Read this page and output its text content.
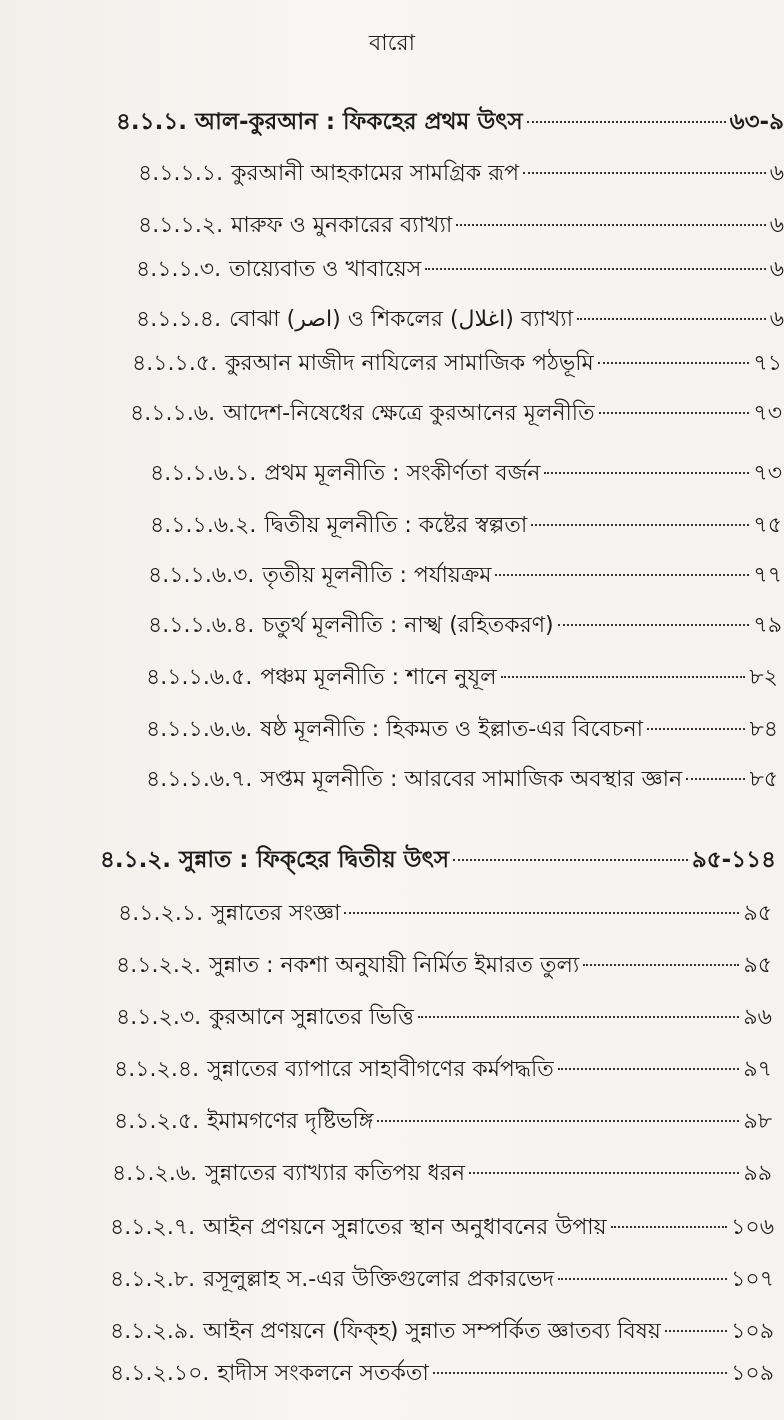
বারো
৪.১.১. আল-কুরআন : ফিকহের প্রথম উৎস	৬৩-৯
৪.১.১.১. কুরআনী আহকামের সামগ্রিক রূপ	৬
৪.১.১.২. মারুফ ও মুনকারের ব্যাখ্যা	৬
৪.১.১.৩. তায়্যেবাত ও খাবায়েস	৬
৪.১.১.৪. বোঝা (اصر) ও শিকলের (اغلال) ব্যাখ্যা	৬
৪.১.১.৫. কুরআন মাজীদ নাযিলের সামাজিক পঠভূমি	৭১
৪.১.১.৬. আদেশ-নিষেধের ক্ষেত্রে কুরআনের মূলনীতি	৭৩
৪.১.১.৬.১. প্রথম মূলনীতি : সংকীর্ণতা বর্জন	৭৩
৪.১.১.৬.২. দ্বিতীয় মূলনীতি : কষ্টের স্বল্পতা	৭৫
৪.১.১.৬.৩. তৃতীয় মূলনীতি : পর্যায়ক্রম	৭৭
৪.১.১.৬.৪. চতুর্থ মূলনীতি : নাস্খ (রহিতকরণ)	৭৯
৪.১.১.৬.৫. পঞ্চম মূলনীতি : শানে নুযূল	৮২
৪.১.১.৬.৬. ষষ্ঠ মূলনীতি : হিকমত ও ইল্লাত-এর বিবেচনা	৮৪
৪.১.১.৬.৭. সপ্তম মূলনীতি : আরবের সামাজিক অবস্থার জ্ঞান	৮৫
৪.১.২. সুন্নাত : ফিক্‌হের দ্বিতীয় উৎস	৯৫-১১৪
৪.১.২.১. সুন্নাতের সংজ্ঞা	৯৫
৪.১.২.২. সুন্নাত : নকশা অনুযায়ী নির্মিত ইমারত তুল্য	৯৫
৪.১.২.৩. কুরআনে সুন্নাতের ভিত্তি	৯৬
৪.১.২.৪. সুন্নাতের ব্যাপারে সাহাবীগণের কর্মপদ্ধতি	৯৭
৪.১.২.৫. ইমামগণের দৃষ্টিভঙ্গি	৯৮
৪.১.২.৬. সুন্নাতের ব্যাখ্যার কতিপয় ধরন	৯৯
৪.১.২.৭. আইন প্রণয়নে সুন্নাতের স্থান অনুধাবনের উপায়	১০৬
৪.১.২.৮. রসূলুল্লাহ স.-এর উক্তিগুলোর প্রকারভেদ	১০৭
৪.১.২.৯. আইন প্রণয়নে (ফিক্‌হ) সুন্নাত সম্পর্কিত জ্ঞাতব্য বিষয়	১০৯
৪.১.২.১০. হাদীস সংকলনে সতর্কতা	১০৯
